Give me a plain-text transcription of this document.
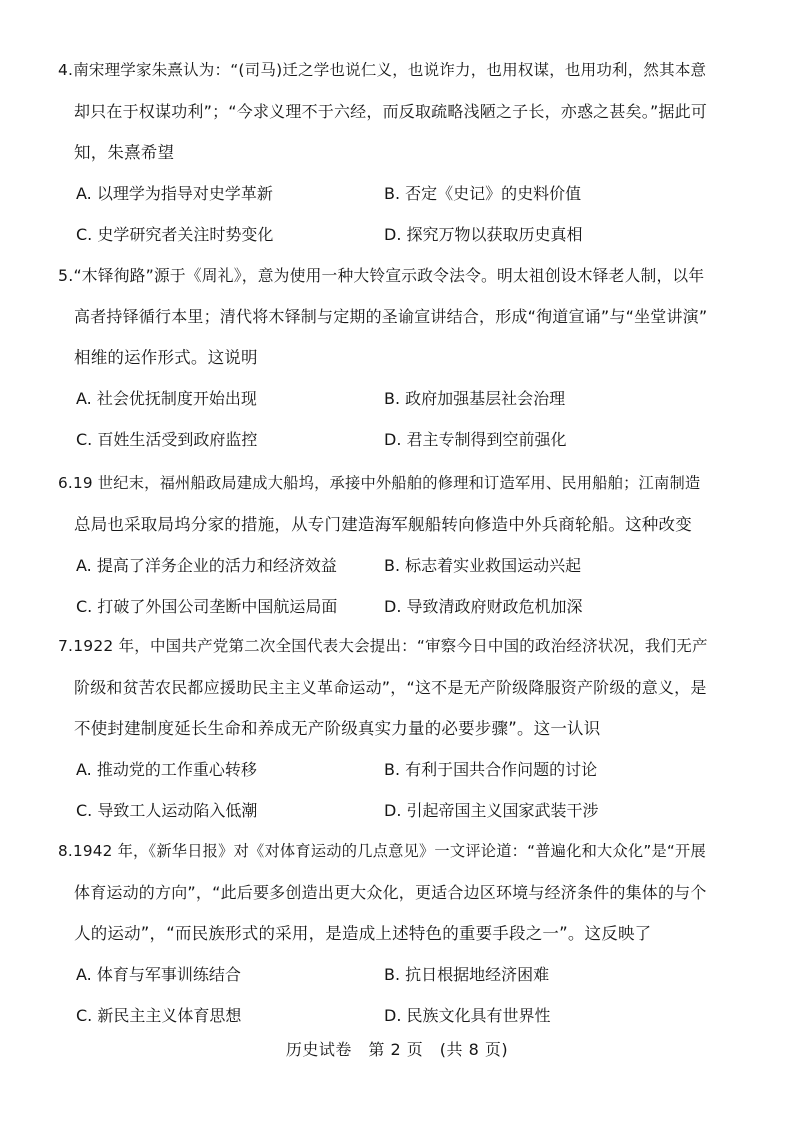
4.南宋理学家朱熹认为：“(司马)迁之学也说仁义，也说诈力，也用权谋，也用功利，然其本意
却只在于权谋功利”；“今求义理不于六经，而反取疏略浅陋之子长，亦惑之甚矣。”据此可
知，朱熹希望
A. 以理学为指导对史学革新	B. 否定《史记》的史料价值
C. 史学研究者关注时势变化	D. 探究万物以获取历史真相
5.“木铎徇路”源于《周礼》，意为使用一种大铃宣示政令法令。明太祖创设木铎老人制，以年
高者持铎循行本里；清代将木铎制与定期的圣谕宣讲结合，形成“徇道宣诵”与“坐堂讲演”
相维的运作形式。这说明
A. 社会优抚制度开始出现	B. 政府加强基层社会治理
C. 百姓生活受到政府监控	D. 君主专制得到空前强化
6.19 世纪末，福州船政局建成大船坞，承接中外船舶的修理和订造军用、民用船舶；江南制造
总局也采取局坞分家的措施，从专门建造海军舰船转向修造中外兵商轮船。这种改变
A. 提高了洋务企业的活力和经济效益	B. 标志着实业救国运动兴起
C. 打破了外国公司垄断中国航运局面	D. 导致清政府财政危机加深
7.1922 年，中国共产党第二次全国代表大会提出：“审察今日中国的政治经济状况，我们无产
阶级和贫苦农民都应援助民主主义革命运动”，“这不是无产阶级降服资产阶级的意义，是
不使封建制度延长生命和养成无产阶级真实力量的必要步骤”。这一认识
A. 推动党的工作重心转移	B. 有利于国共合作问题的讨论
C. 导致工人运动陷入低潮	D. 引起帝国主义国家武装干涉
8.1942 年，《新华日报》对《对体育运动的几点意见》一文评论道：“普遍化和大众化”是“开展
体育运动的方向”，“此后要多创造出更大众化，更适合边区环境与经济条件的集体的与个
人的运动”，“而民族形式的采用，是造成上述特色的重要手段之一”。这反映了
A. 体育与军事训练结合	B. 抗日根据地经济困难
C. 新民主主义体育思想	D. 民族文化具有世界性
历史试卷　第 2 页　(共 8 页)
